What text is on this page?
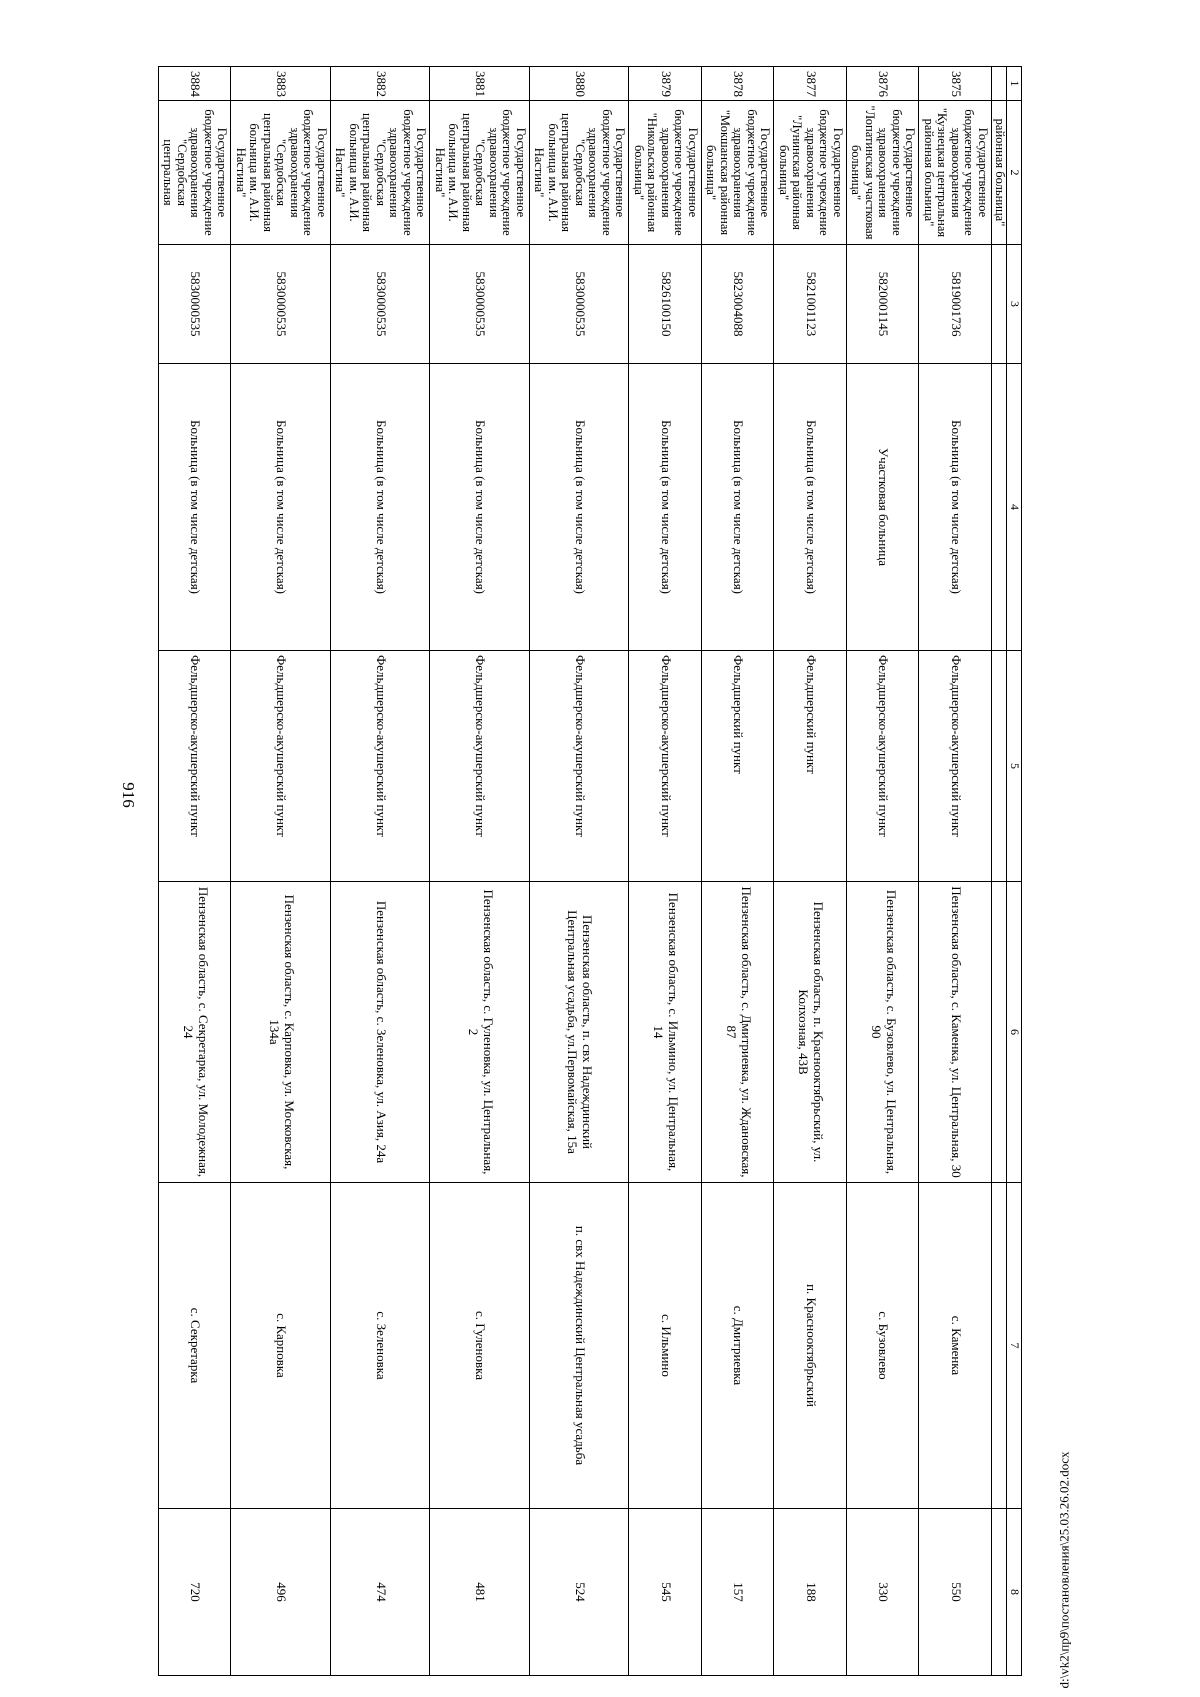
916
1	2	3	4	5	6	7	8
	районная больница"						
3875	Государственное бюджетное учреждение здравоохранения "Кузнецкая центральная районная больница"	5819001736	Больница (в том числе детская)	Фельдшерско-акушерский пункт	Пензенская область, с. Каменка, ул. Центральная, 30	с. Каменка	550
3876	Государственное бюджетное учреждение здравоохранения "Лопатинская участковая больница"	5820001145	Участковая больница	Фельдшерско-акушерский пункт	Пензенская область, с. Бузовлево, ул. Центральная, 90	с. Бузовлево	330
3877	Государственное бюджетное учреждение здравоохранения "Лунинская районная больница"	5821001123	Больница (в том числе детская)	Фельдшерский пункт	Пензенская область, п. Красноoктябрьский, ул. Колхозная, 43В	п. Краснooктябрьский	188
3878	Государственное бюджетное учреждение здравоохранения "Мокшанская районная больница"	5823004088	Больница (в том числе детская)	Фельдшерский пункт	Пензенская область, с. Дмитриевка, ул. Ждановская, 87	с. Дмитриевка	157
3879	Государственное бюджетное учреждение здравоохранения "Никольская районная больница"	5826100150	Больница (в том числе детская)	Фельдшерско-акушерский пункт	Пензенская область, с. Ильмино, ул. Центральная, 14	с. Ильмино	545
3880	Государственное бюджетное учреждение здравоохранения "Сердобская центральная районная больница им. А.И. Настина"	5830000535	Больница (в том числе детская)	Фельдшерско-акушерский пункт	Пензенская область, п. свх Надеждинский Центральная усадьба, ул.Первомайская, 15а	п. свх Надеждинский Центральная усадьба	524
3881	Государственное бюджетное учреждение здравоохранения "Сердобская центральная районная больница им. А.И. Настина"	5830000535	Больница (в том числе детская)	Фельдшерско-акушерский пункт	Пензенская область, с. Гуленовка, ул. Центральная, 2	с. Гуленовка	481
3882	Государственное бюджетное учреждение здравоохранения "Сердобская центральная районная больница им. А.И. Настина"	5830000535	Больница (в том числе детская)	Фельдшерско-акушерский пункт	Пензенская область, с. Зеленовка, ул. Азия, 24а	с. Зеленовка	474
3883	Государственное бюджетное учреждение здравоохранения "Сердобская центральная районная больница им. А.И. Настина"	5830000535	Больница (в том числе детская)	Фельдшерско-акушерский пункт	Пензенская область, с. Карповка, ул. Московская, 134а	с. Карповка	496
3884	Государственное бюджетное учреждение здравоохранения "Сердобская центральная	5830000535	Больница (в том числе детская)	Фельдшерско-акушерский пункт	Пензенская область, с. Секретарка, ул. Молодежная, 24	с. Секретарка	720	d:\vk2\пр9\постановления\25.03.26.02.docx
